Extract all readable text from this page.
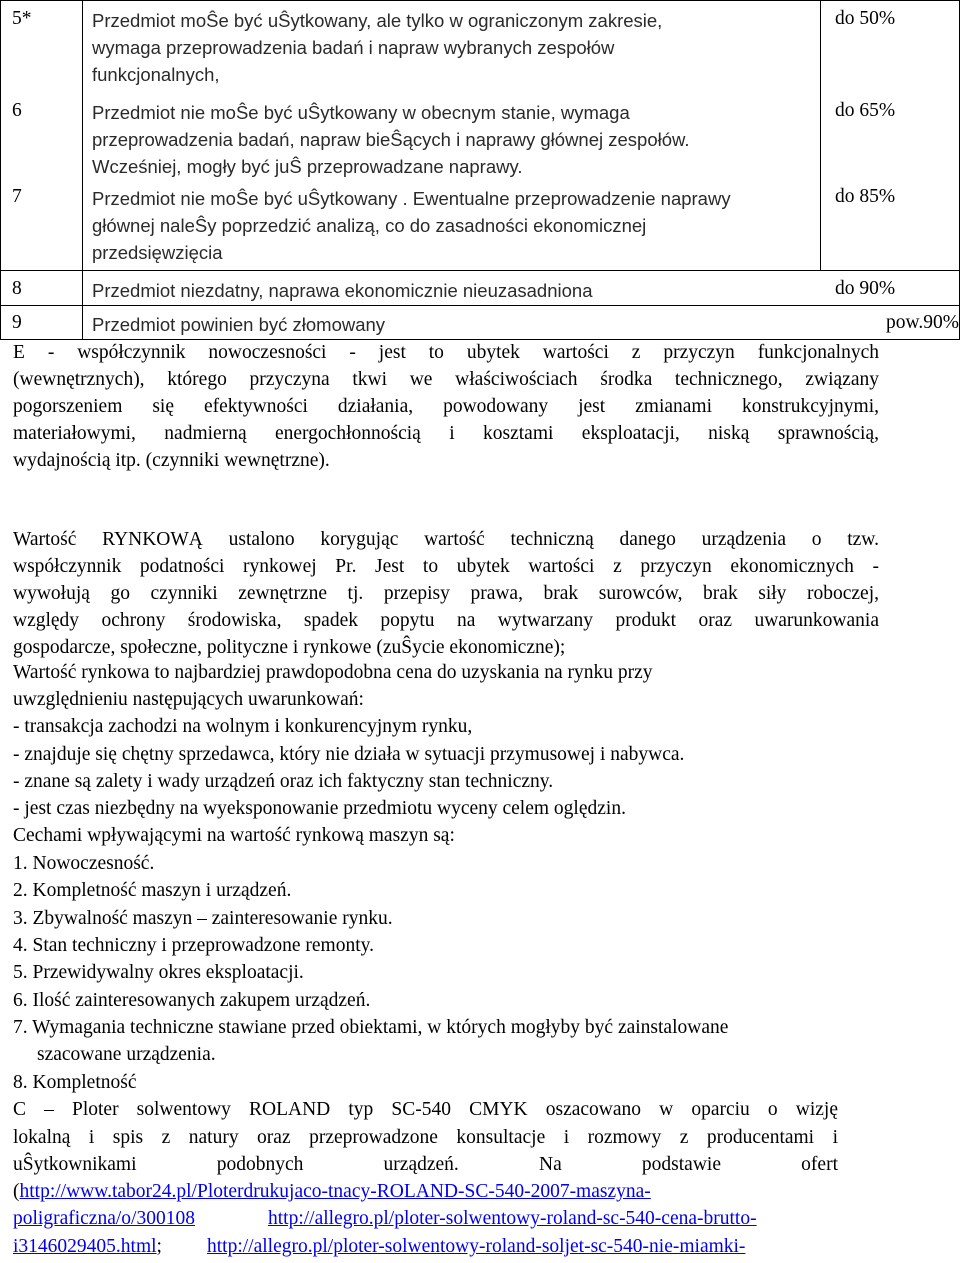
5*	Przedmiot moŜe być uŜytkowany, ale tylko w ograniczonym zakresie,
wymaga przeprowadzenia badań i napraw wybranych zespołów
funkcjonalnych,
do 50%
6	Przedmiot nie moŜe być uŜytkowany w obecnym stanie, wymaga
przeprowadzenia badań, napraw bieŜących i naprawy głównej zespołów.
Wcześniej, mogły być juŜ przeprowadzane naprawy.
do 65%
7	Przedmiot nie moŜe być uŜytkowany . Ewentualne przeprowadzenie naprawy
głównej naleŜy poprzedzić analizą, co do zasadności ekonomicznej
przedsięwzięcia
do 85%
8	Przedmiot niezdatny, naprawa ekonomicznie nieuzasadniona	do 90%
9	Przedmiot powinien być złomowany	pow.90%
E - współczynnik nowoczesności - jest to ubytek wartości z przyczyn funkcjonalnych
(wewnętrznych), którego przyczyna tkwi we właściwościach środka technicznego, związany
pogorszeniem się efektywności działania, powodowany jest zmianami konstrukcyjnymi,
materiałowymi, nadmierną energochłonnością i kosztami eksploatacji, niską sprawnością,
wydajnością itp. (czynniki wewnętrzne).
Wartość RYNKOWĄ ustalono korygując wartość techniczną danego urządzenia o tzw.
współczynnik podatności rynkowej Pr. Jest to ubytek wartości z przyczyn ekonomicznych -
wywołują go czynniki zewnętrzne tj. przepisy prawa, brak surowców, brak siły roboczej,
względy ochrony środowiska, spadek popytu na wytwarzany produkt oraz uwarunkowania
gospodarcze, społeczne, polityczne i rynkowe (zuŜycie ekonomiczne);
Wartość rynkowa to najbardziej prawdopodobna cena do uzyskania na rynku przy
uwzględnieniu następujących uwarunkowań:
- transakcja zachodzi na wolnym i konkurencyjnym rynku,
- znajduje się chętny sprzedawca, który nie działa w sytuacji przymusowej i nabywca.
- znane są zalety i wady urządzeń oraz ich faktyczny stan techniczny.
- jest czas niezbędny na wyeksponowanie przedmiotu wyceny celem oględzin.
Cechami wpływającymi na wartość rynkową maszyn są:
1. Nowoczesność.
2. Kompletność maszyn i urządzeń.
3. Zbywalność maszyn – zainteresowanie rynku.
4. Stan techniczny i przeprowadzone remonty.
5. Przewidywalny okres eksploatacji.
6. Ilość zainteresowanych zakupem urządzeń.
7. Wymagania techniczne stawiane przed obiektami, w których mogłyby być zainstalowane
szacowane urządzenia.
8. Kompletność
C – Ploter solwentowy ROLAND typ SC-540 CMYK oszacowano w oparciu o wizję
lokalną i spis z natury oraz przeprowadzone konsultacje i rozmowy z producentami i
uŜytkownikami podobnych urządzeń. Na podstawie ofert
(http://www.tabor24.pl/Ploterdrukujaco-tnacy-ROLAND-SC-540-2007-maszyna-
poligraficzna/o/300108	http://allegro.pl/ploter-solwentowy-roland-sc-540-cena-brutto-
i3146029405.html; http://allegro.pl/ploter-solwentowy-roland-soljet-sc-540-nie-miamki-
